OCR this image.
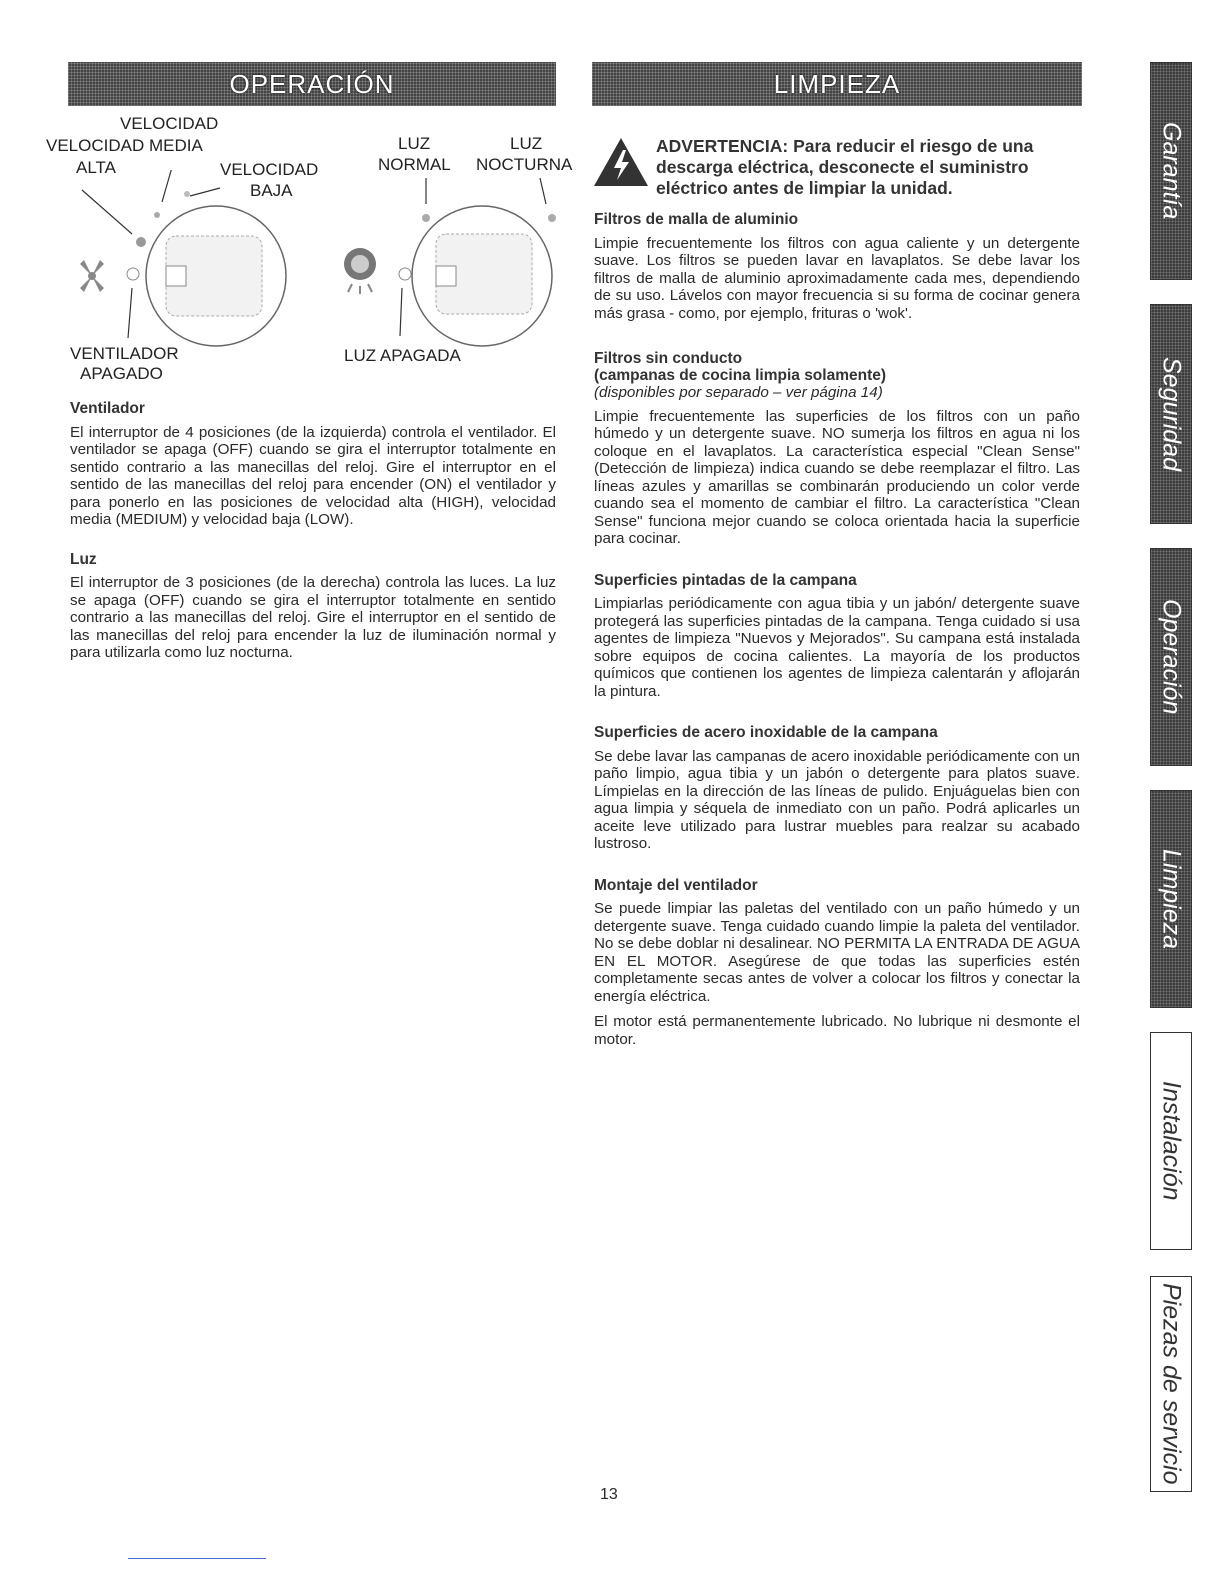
OPERACIÓN	LIMPIEZA
VELOCIDAD
VELOCIDAD MEDIA
ALTA	VELOCIDAD
BAJA
VENTILADOR
APAGADO
LUZ
NORMAL
LUZ
NOCTURNA
LUZ APAGADA
Ventilador

El interruptor de 4 posiciones (de la izquierda) controla el ventilador. El ventilador se apaga (OFF) cuando se gira el interruptor totalmente en sentido contrario a las manecillas del reloj. Gire el interruptor en el sentido de las manecillas del reloj para encender (ON) el ventilador y para ponerlo en las posiciones de velocidad alta (HIGH), velocidad media (MEDIUM) y velocidad baja (LOW).

Luz

El interruptor de 3 posiciones (de la derecha) controla las luces. La luz se apaga (OFF) cuando se gira el interruptor totalmente en sentido contrario a las manecillas del reloj. Gire el interruptor en el sentido de las manecillas del reloj para encender la luz de iluminación normal y para utilizarla como luz nocturna.

ADVERTENCIA: Para reducir el riesgo de una descarga eléctrica, desconecte el suministro eléctrico antes de limpiar la unidad.
Filtros de malla de aluminio

Limpie frecuentemente los filtros con agua caliente y un detergente suave. Los filtros se pueden lavar en lavaplatos. Se debe lavar los filtros de malla de aluminio aproximadamente cada mes, dependiendo de su uso. Lávelos con mayor frecuencia si su forma de cocinar genera más grasa - como, por ejemplo, frituras o 'wok'.

Filtros sin conducto
(campanas de cocina limpia solamente)
(disponibles por separado – ver página 14)

Limpie frecuentemente las superficies de los filtros con un paño húmedo y un detergente suave. NO sumerja los filtros en agua ni los coloque en el lavaplatos. La característica especial "Clean Sense" (Detección de limpieza) indica cuando se debe reemplazar el filtro. Las líneas azules y amarillas se combinarán produciendo un color verde cuando sea el momento de cambiar el filtro. La característica "Clean Sense" funciona mejor cuando se coloca orientada hacia la superficie para cocinar.

Superficies pintadas de la campana

Limpiarlas periódicamente con agua tibia y un jabón/ detergente suave protegerá las superficies pintadas de la campana. Tenga cuidado si usa agentes de limpieza "Nuevos y Mejorados". Su campana está instalada sobre equipos de cocina calientes. La mayoría de los productos químicos que contienen los agentes de limpieza calentarán y aflojarán la pintura.

Superficies de acero inoxidable de la campana

Se debe lavar las campanas de acero inoxidable periódicamente con un paño limpio, agua tibia y un jabón o detergente para platos suave. Límpielas en la dirección de las líneas de pulido. Enjuáguelas bien con agua limpia y séquela de inmediato con un paño. Podrá aplicarles un aceite leve utilizado para lustrar muebles para realzar su acabado lustroso.

Montaje del ventilador

Se puede limpiar las paletas del ventilado con un paño húmedo y un detergente suave. Tenga cuidado cuando limpie la paleta del ventilador. No se debe doblar ni desalinear. NO PERMITA LA ENTRADA DE AGUA EN EL MOTOR. Asegúrese de que todas las superficies estén completamente secas antes de volver a colocar los filtros y conectar la energía eléctrica.

El motor está permanentemente lubricado. No lubrique ni desmonte el motor.

Garantía
Seguridad
Operación
Limpieza
Instalación
Piezas de servicio
13
